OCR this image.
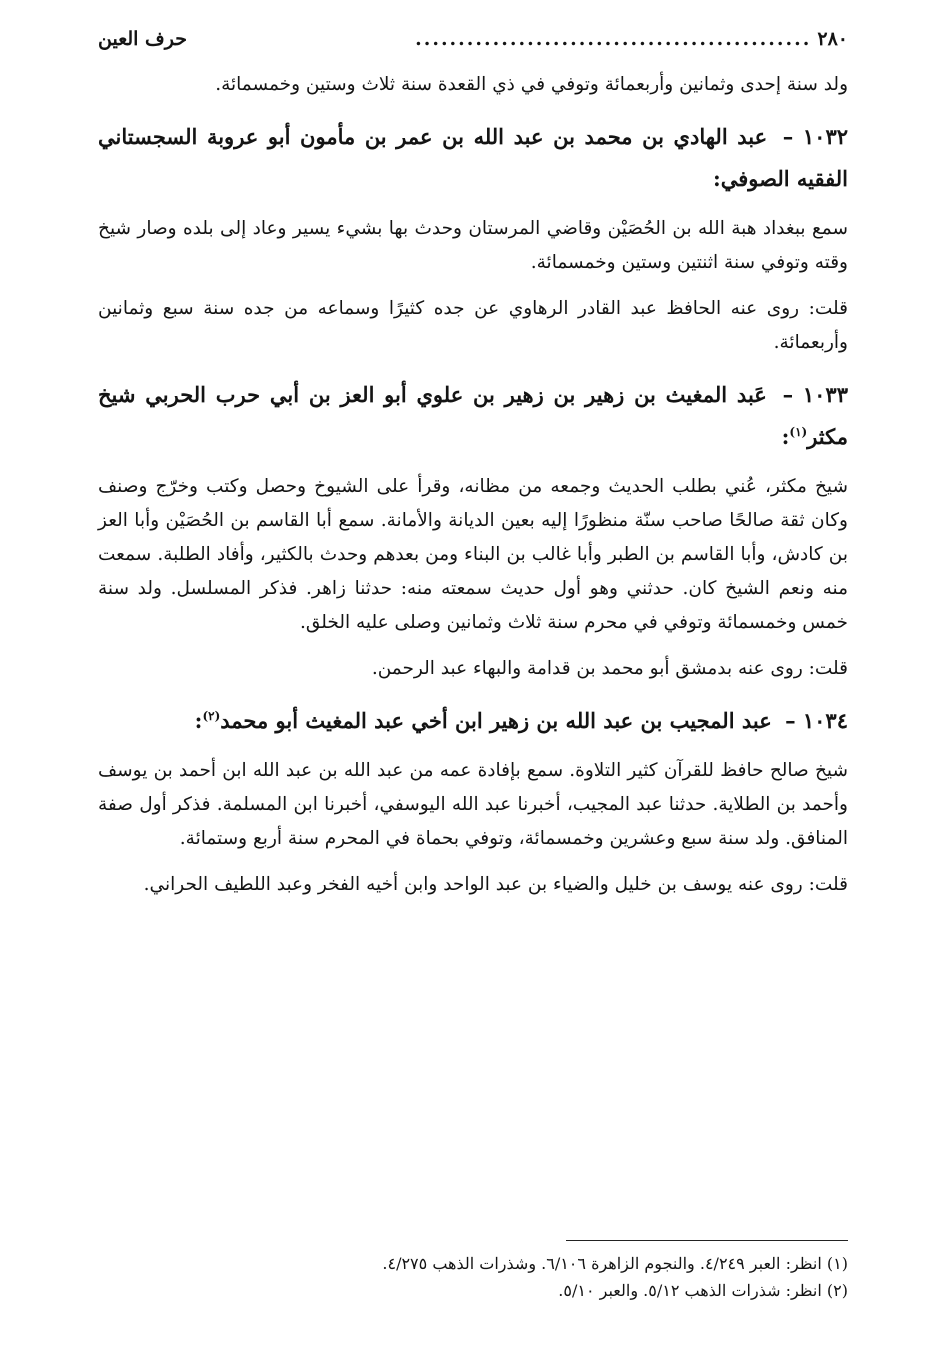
٢٨٠
..............................................
حرف العين

ولد سنة إحدى وثمانين وأربعمائة وتوفي في ذي القعدة سنة ثلاث وستين وخمسمائة.

١٠٣٢ – عبد الهادي بن محمد بن عبد الله بن عمر بن مأمون أبو عروبة السجستاني الفقيه الصوفي:

سمع ببغداد هبة الله بن الحُصَيْن وقاضي المرستان وحدث بها بشيء يسير وعاد إلى بلده وصار شيخ وقته وتوفي سنة اثنتين وستين وخمسمائة.

قلت: روى عنه الحافظ عبد القادر الرهاوي عن جده كثيرًا وسماعه من جده سنة سبع وثمانين وأربعمائة.

١٠٣٣ – عَبد المغيث بن زهير بن زهير بن علوي أبو العز بن أبي حرب الحربي شيخ مكثر$^{(١)}$:

شيخ مكثر، عُني بطلب الحديث وجمعه من مظانه، وقرأ على الشيوخ وحصل وكتب وخرّج وصنف وكان ثقة صالحًا صاحب سنّة منظورًا إليه بعين الديانة والأمانة. سمع أبا القاسم بن الحُصَيْن وأبا العز بن كادش، وأبا القاسم بن الطبر وأبا غالب بن البناء ومن بعدهم وحدث بالكثير، وأفاد الطلبة. سمعت منه ونعم الشيخ كان. حدثني وهو أول حديث سمعته منه: حدثنا زاهر. فذكر المسلسل. ولد سنة خمس وخمسمائة وتوفي في محرم سنة ثلاث وثمانين وصلى عليه الخلق.

قلت: روى عنه بدمشق أبو محمد بن قدامة والبهاء عبد الرحمن.

١٠٣٤ – عبد المجيب بن عبد الله بن زهير ابن أخي عبد المغيث أبو محمد$^{(٢)}$:

شيخ صالح حافظ للقرآن كثير التلاوة. سمع بإفادة عمه من عبد الله بن عبد الله ابن أحمد بن يوسف وأحمد بن الطلاية. حدثنا عبد المجيب، أخبرنا عبد الله اليوسفي، أخبرنا ابن المسلمة. فذكر أول صفة المنافق. ولد سنة سبع وعشرين وخمسمائة، وتوفي بحماة في المحرم سنة أربع وستمائة.

قلت: روى عنه يوسف بن خليل والضياء بن عبد الواحد وابن أخيه الفخر وعبد اللطيف الحراني.

(١) انظر: العبر ٤/٢٤٩. والنجوم الزاهرة ٦/١٠٦. وشذرات الذهب ٤/٢٧٥.
(٢) انظر: شذرات الذهب ٥/١٢. والعبر ٥/١٠.
